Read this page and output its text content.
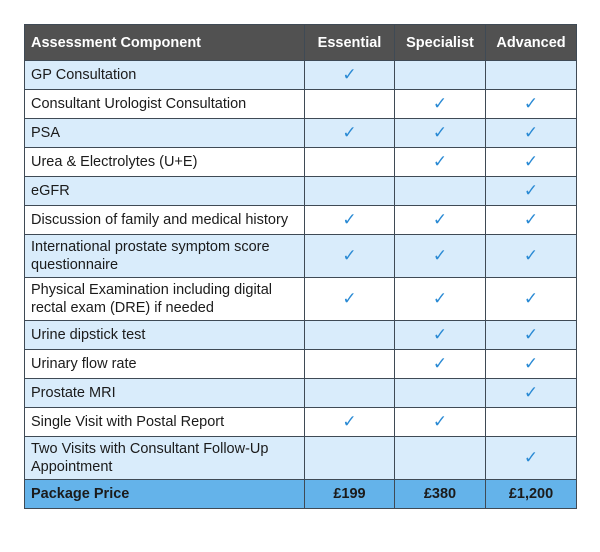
Assessment Component	Essential	Specialist	Advanced

GP Consultation	✓		

Consultant Urologist Consultation		✓	✓

PSA	✓	✓	✓

Urea & Electrolytes (U+E)		✓	✓

eGFR			✓

Discussion of family and medical history	✓	✓	✓

International prostate symptom score questionnaire	✓	✓	✓

Physical Examination including digital rectal exam (DRE) if needed	✓	✓	✓

Urine dipstick test		✓	✓

Urinary flow rate		✓	✓

Prostate MRI			✓

Single Visit with Postal Report	✓	✓	

Two Visits with Consultant Follow-Up Appointment			✓
Package Price	£199	£380	£1,200
